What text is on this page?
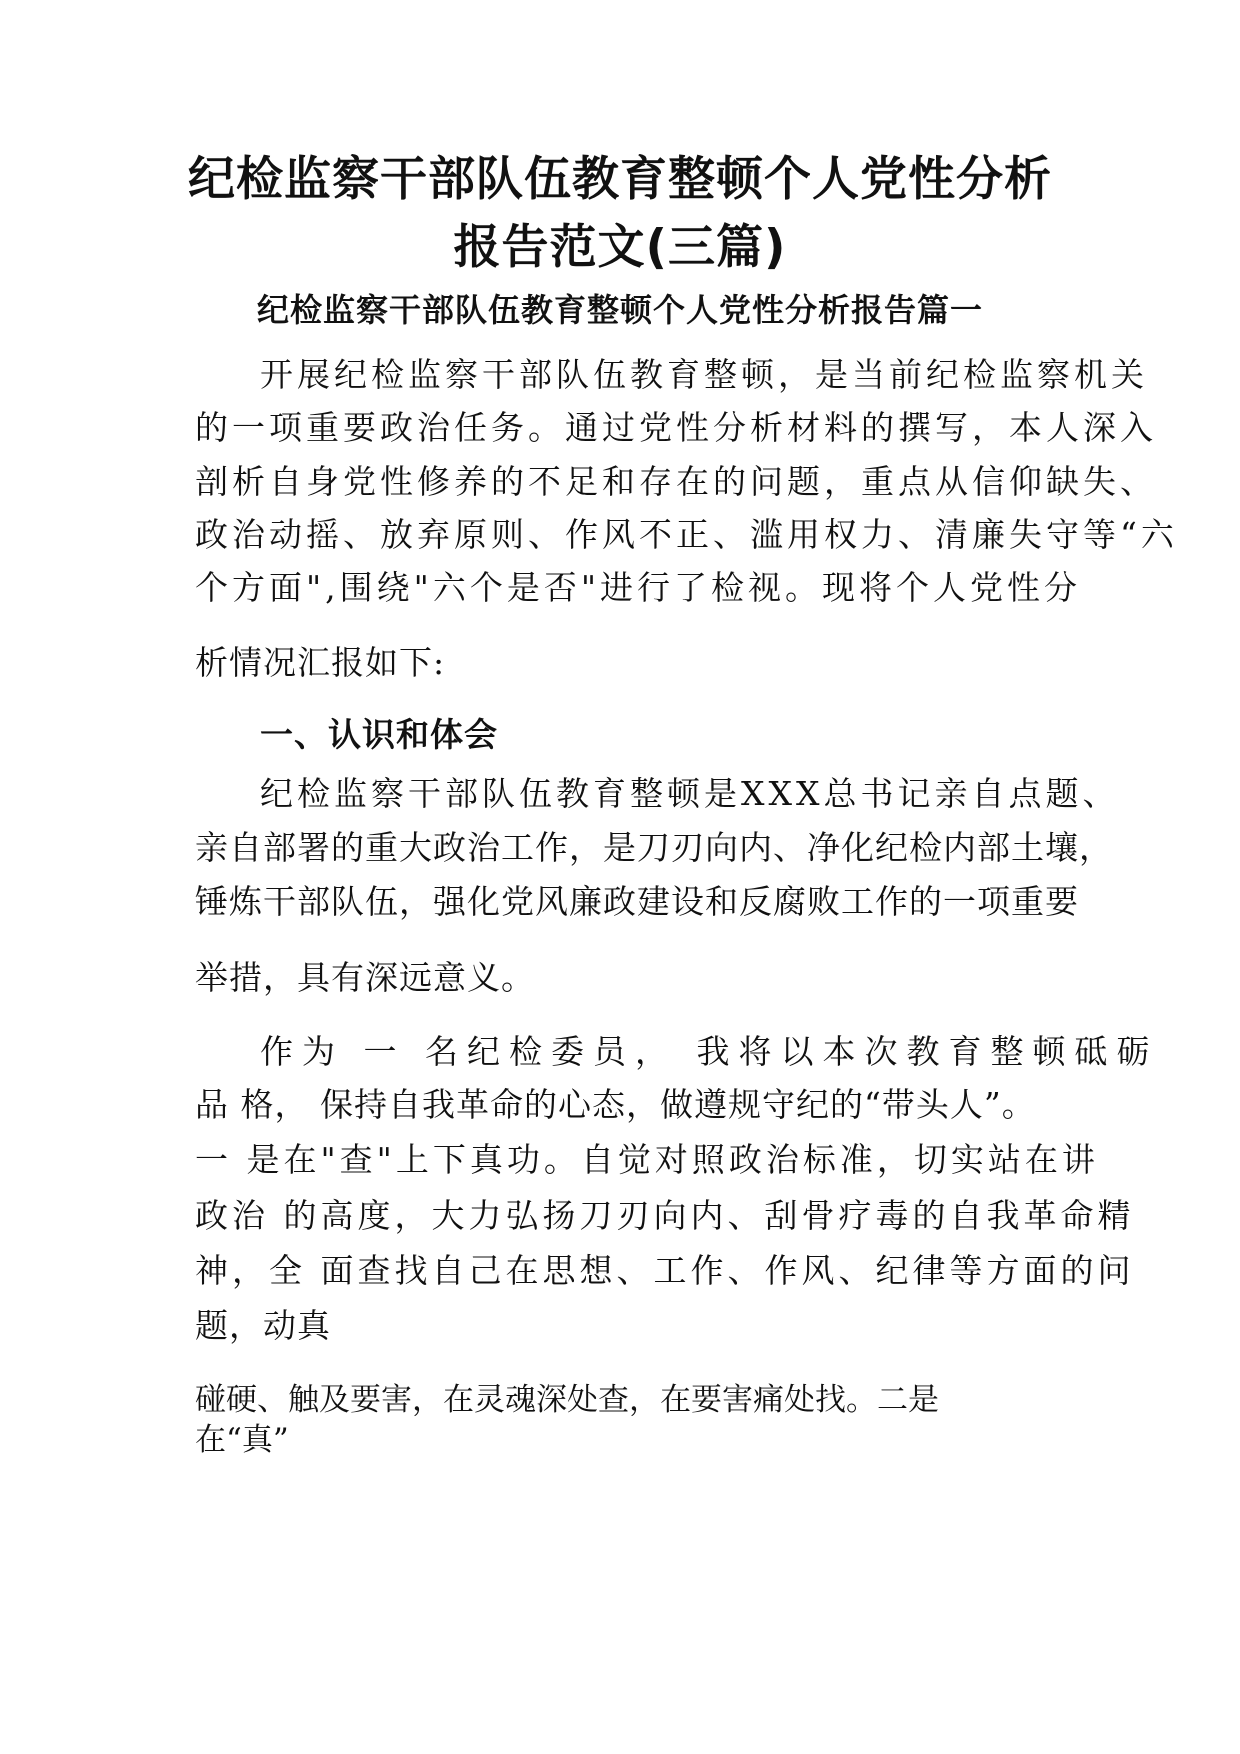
纪检监察干部队伍教育整顿个人党性分析
报告范文(三篇)
纪检监察干部队伍教育整顿个人党性分析报告篇一
开展纪检监察干部队伍教育整顿，是当前纪检监察机关
的一项重要政治任务。通过党性分析材料的撰写，本人深入
剖析自身党性修养的不足和存在的问题，重点从信仰缺失、
政治动摇、放弃原则、作风不正、滥用权力、清廉失守等“六
个方面",围绕"六个是否"进行了检视。现将个人党性分
析情况汇报如下:
一、认识和体会
纪检监察干部队伍教育整顿是XXX总书记亲自点题、
亲自部署的重大政治工作，是刀刃向内、净化纪检内部土壤，
锤炼干部队伍，强化党风廉政建设和反腐败工作的一项重要
举措，具有深远意义。
作为 一 名纪检委员， 我将以本次教育整顿砥砺
品 格， 保持自我革命的心态，做遵规守纪的“带头人”。
一 是在"查"上下真功。自觉对照政治标准，切实站在讲
政治 的高度，大力弘扬刀刃向内、刮骨疗毒的自我革命精
神，全 面查找自己在思想、工作、作风、纪律等方面的问
题，动真
碰硬、触及要害，在灵魂深处查，在要害痛处找。二是
在“真”
